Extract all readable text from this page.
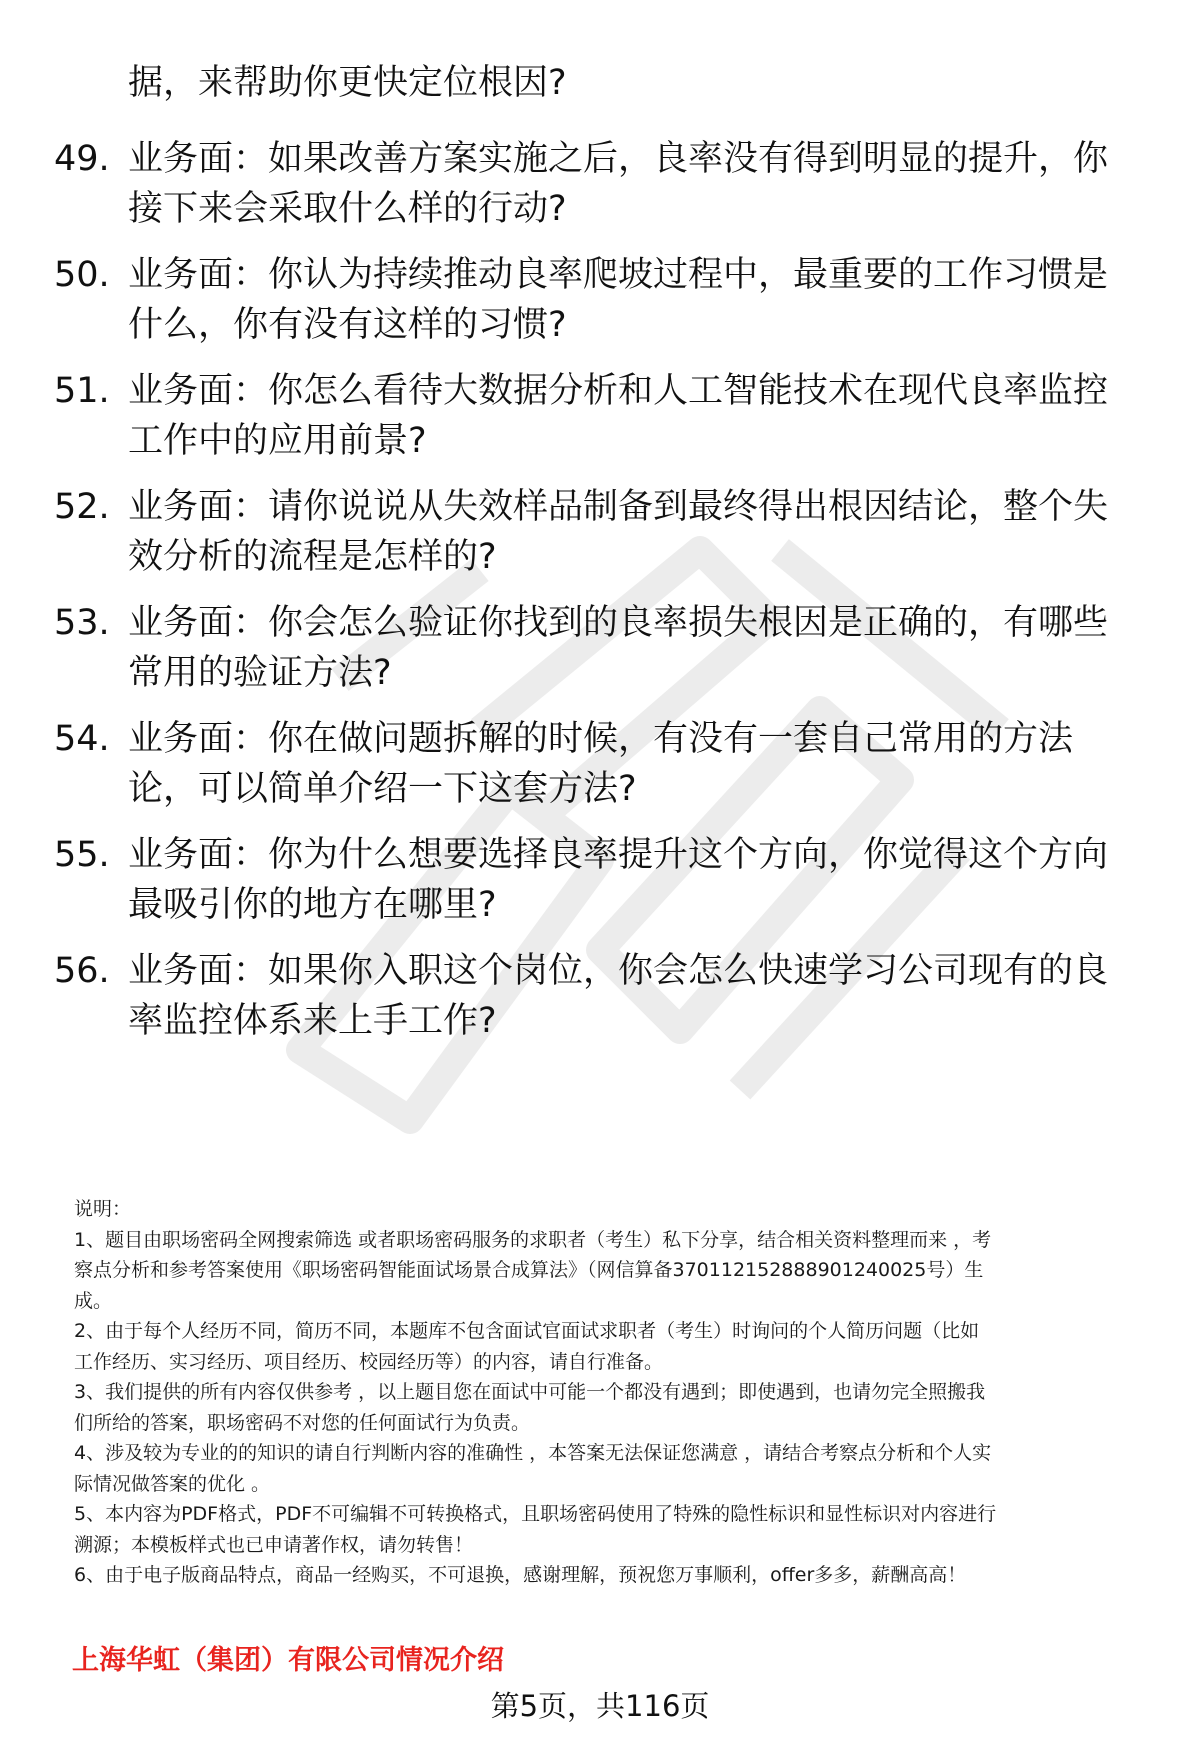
据，来帮助你更快定位根因?
49. 业务面：如果改善方案实施之后，良率没有得到明显的提升，你
接下来会采取什么样的行动?
50. 业务面：你认为持续推动良率爬坡过程中，最重要的工作习惯是
什么，你有没有这样的习惯?
51. 业务面：你怎么看待大数据分析和人工智能技术在现代良率监控
工作中的应用前景?
52. 业务面：请你说说从失效样品制备到最终得出根因结论，整个失
效分析的流程是怎样的?
53. 业务面：你会怎么验证你找到的良率损失根因是正确的，有哪些
常用的验证方法?
54. 业务面：你在做问题拆解的时候，有没有一套自己常用的方法
论，可以简单介绍一下这套方法?
55. 业务面：你为什么想要选择良率提升这个方向，你觉得这个方向
最吸引你的地方在哪里?
56. 业务面：如果你入职这个岗位，你会怎么快速学习公司现有的良
率监控体系来上手工作?
说明：
1、题目由职场密码全网搜索筛选 或者职场密码服务的求职者（考生）私下分享，结合相关资料整理而来 ，考
察点分析和参考答案使用《职场密码智能面试场景合成算法》（网信算备370112152888901240025号）生
成。
2、由于每个人经历不同，简历不同，本题库不包含面试官面试求职者（考生）时询问的个人简历问题（比如
工作经历、实习经历、项目经历、校园经历等）的内容，请自行准备。
3、我们提供的所有内容仅供参考 ，以上题目您在面试中可能一个都没有遇到；即使遇到，也请勿完全照搬我
们所给的答案，职场密码不对您的任何面试行为负责。
4、涉及较为专业的的知识的请自行判断内容的准确性 ，本答案无法保证您满意 ，请结合考察点分析和个人实
际情况做答案的优化 。
5、本内容为PDF格式，PDF不可编辑不可转换格式，且职场密码使用了特殊的隐性标识和显性标识对内容进行
溯源；本模板样式也已申请著作权，请勿转售！
6、由于电子版商品特点，商品一经购买，不可退换，感谢理解，预祝您万事顺利，offer多多，薪酬高高！
上海华虹（集团）有限公司情况介绍
第5页，共116页
